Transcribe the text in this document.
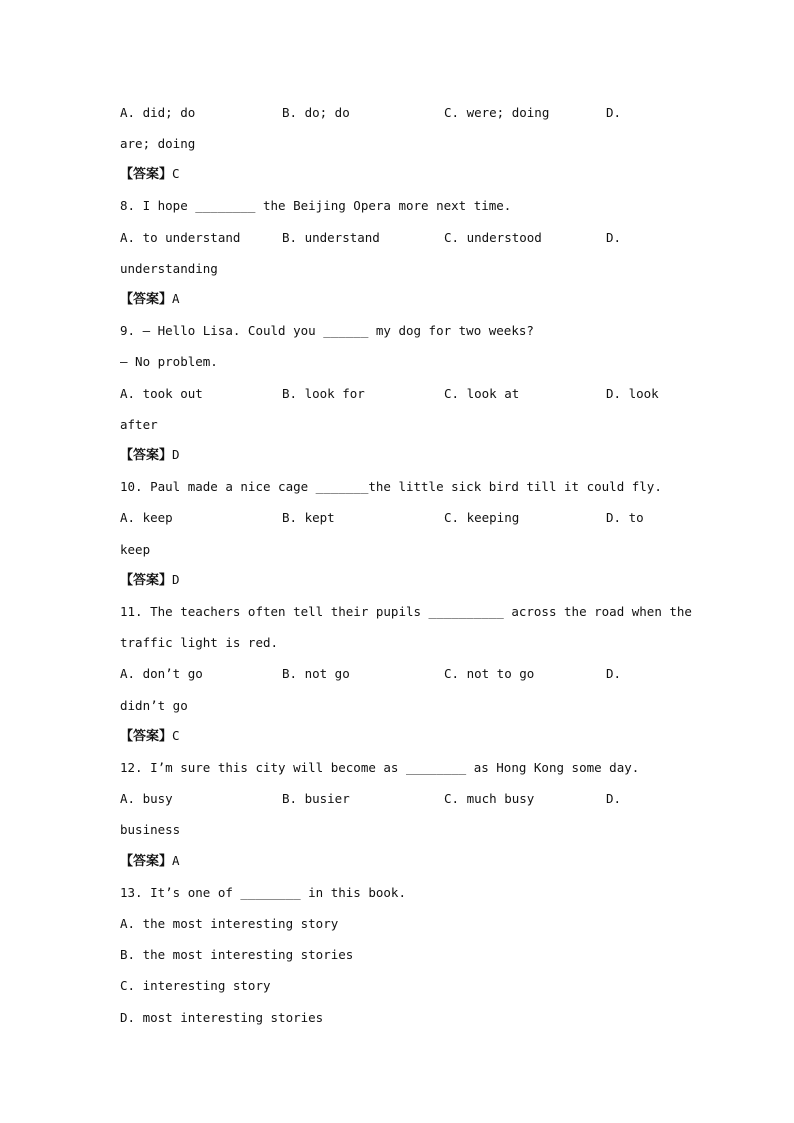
A. did; do	B. do; do	C. were; doing	D.
are; doing
【答案】C
8. I hope ________ the Beijing Opera more next time.
A. to understand	B. understand	C. understood	D.
understanding
【答案】A
9. — Hello Lisa. Could you ______ my dog for two weeks?
— No problem.
A. took out	B. look for	C. look at	D. look
after
【答案】D
10. Paul made a nice cage _______the little sick bird till it could fly.
A. keep	B. kept	C. keeping	D. to
keep
【答案】D
11. The teachers often tell their pupils __________ across the road when the
traffic light is red.
A. don’t go	B. not go	C. not to go	D.
didn’t go
【答案】C
12. I’m sure this city will become as ________ as Hong Kong some day.
A. busy	B. busier	C. much busy	D.
business
【答案】A
13. It’s one of ________ in this book.
A. the most interesting story
B. the most interesting stories
C. interesting story
D. most interesting stories
